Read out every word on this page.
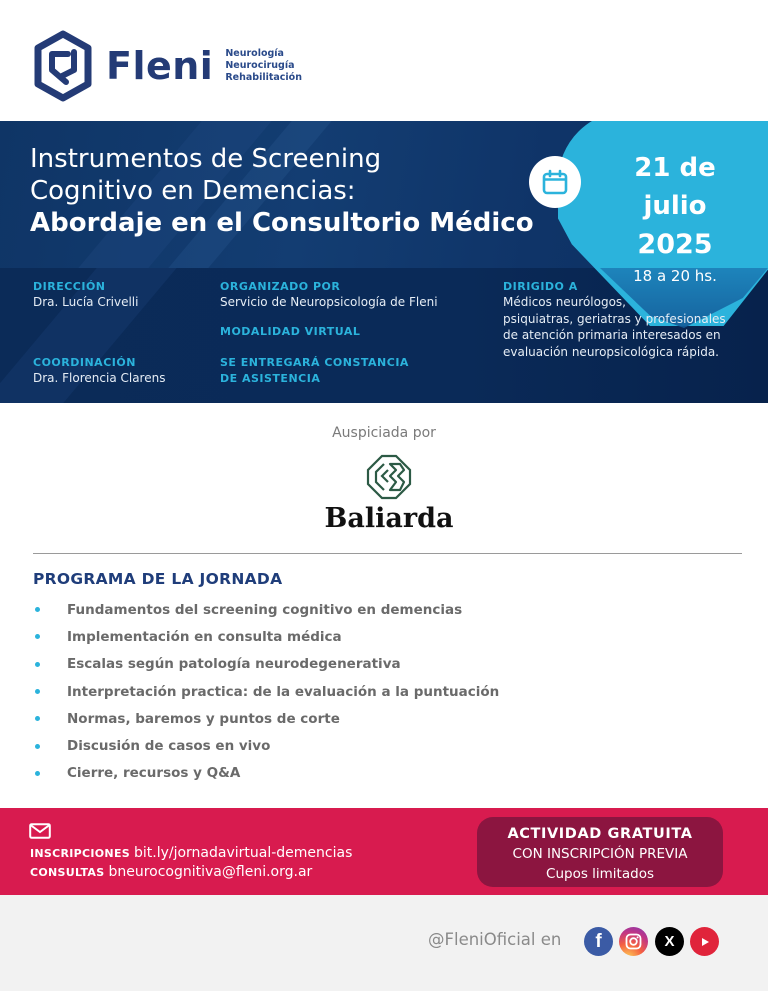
Fleni Neurología
Neurocirugía
Rehabilitación
Instrumentos de Screening
Cognitivo en Demencias:
Abordaje en el Consultorio Médico
21 de julio
2025
18 a 20 hs.
DIRECCIÓN
Dra. Lucía Crivelli
COORDINACIÓN
Dra. Florencia Clarens
ORGANIZADO POR
Servicio de Neuropsicología de Fleni
MODALIDAD VIRTUAL
SE ENTREGARÁ CONSTANCIA
DE ASISTENCIA
DIRIGIDO A
Médicos neurólogos,
psiquiatras, geriatras y profesionales
de atención primaria interesados en
evaluación neuropsicológica rápida.
Auspiciada por
Baliarda
PROGRAMA DE LA JORNADA
Fundamentos del screening cognitivo en demencias
Implementación en consulta médica
Escalas según patología neurodegenerativa
Interpretación practica: de la evaluación a la puntuación
Normas, baremos y puntos de corte
Discusión de casos en vivo
Cierre, recursos y Q&A
INSCRIPCIONES bit.ly/jornadavirtual-demencias
CONSULTAS bneurocognitiva@fleni.org.ar
ACTIVIDAD GRATUITA
CON INSCRIPCIÓN PREVIA
Cupos limitados
@FleniOficial en f	X
